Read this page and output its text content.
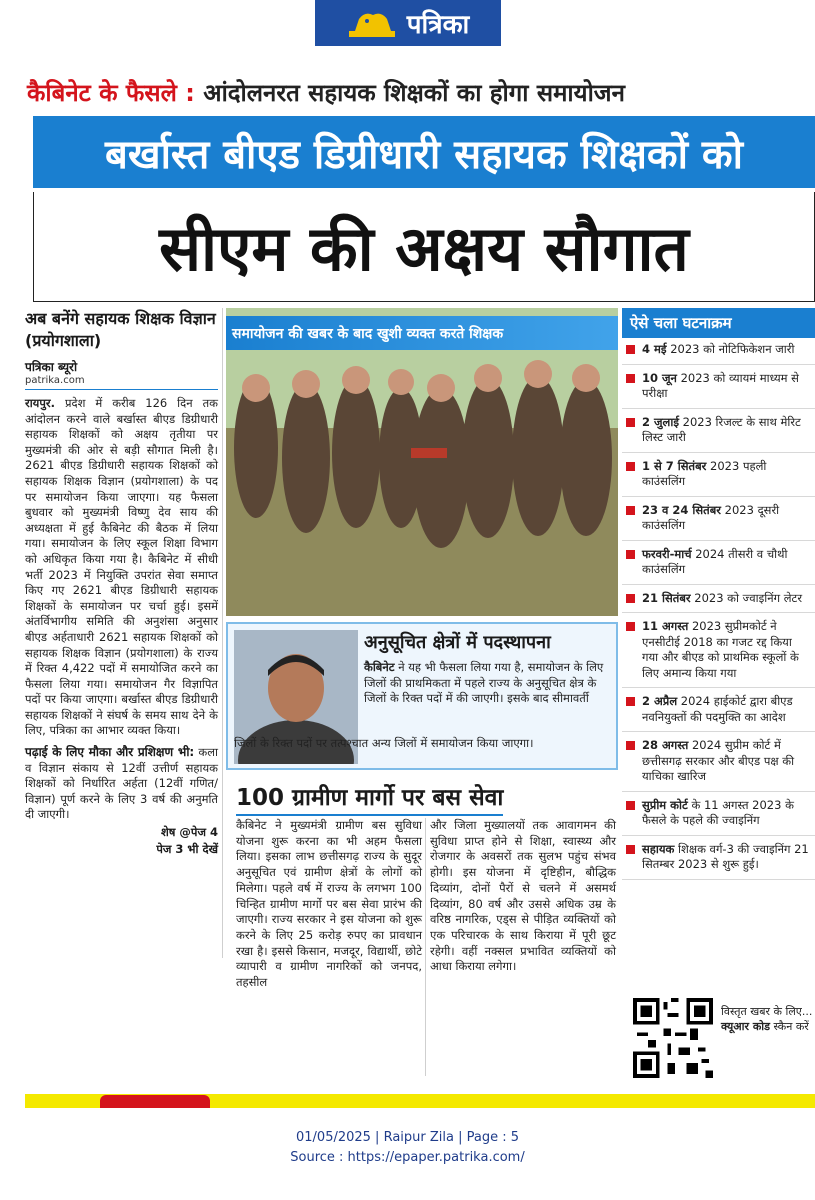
पत्रिका
कैबिनेट के फैसले : आंदोलनरत सहायक शिक्षकों का होगा समायोजन
बर्खास्त बीएड डिग्रीधारी सहायक शिक्षकों को
सीएम की अक्षय सौगात
अब बनेंगे सहायक शिक्षक विज्ञान (प्रयोगशाला)
पत्रिका ब्यूरो
patrika.com

रायपुर. प्रदेश में करीब 126 दिन तक आंदोलन करने वाले बर्खास्त बीएड डिग्रीधारी सहायक शिक्षकों को अक्षय तृतीया पर मुख्यमंत्री की ओर से बड़ी सौगात मिली है। 2621 बीएड डिग्रीधारी सहायक शिक्षकों को सहायक शिक्षक विज्ञान (प्रयोगशाला) के पद पर समायोजन किया जाएगा। यह फैसला बुधवार को मुख्यमंत्री विष्णु देव साय की अध्यक्षता में हुई कैबिनेट की बैठक में लिया गया। समायोजन के लिए स्कूल शिक्षा विभाग को अधिकृत किया गया है। कैबिनेट में सीधी भर्ती 2023 में नियुक्ति उपरांत सेवा समाप्त किए गए 2621 बीएड डिग्रीधारी सहायक शिक्षकों के समायोजन पर चर्चा हुई। इसमें अंतर्विभागीय समिति की अनुशंसा अनुसार बीएड अर्हताधारी 2621 सहायक शिक्षकों को सहायक शिक्षक विज्ञान (प्रयोगशाला) के राज्य में रिक्त 4,422 पदों में समायोजित करने का फैसला लिया गया। समायोजन गैर विज्ञापित पदों पर किया जाएगा। बर्खास्त बीएड डिग्रीधारी सहायक शिक्षकों ने संघर्ष के समय साथ देने के लिए, पत्रिका का आभार व्यक्त किया।

पढ़ाई के लिए मौका और प्रशिक्षण भी: कला व विज्ञान संकाय से 12वीं उत्तीर्ण सहायक शिक्षकों को निर्धारित अर्हता (12वीं गणित/विज्ञान) पूर्ण करने के लिए 3 वर्ष की अनुमति दी जाएगी।

शेष @पेज 4
पेज 3 भी देखें
समायोजन की खबर के बाद खुशी व्यक्त करते शिक्षक
अनुसूचित क्षेत्रों में पदस्थापना
कैबिनेट ने यह भी फैसला लिया गया है, समायोजन के लिए जिलों की प्राथमिकता में पहले राज्य के अनुसूचित क्षेत्र के जिलों के रिक्त पदों में की जाएगी। इसके बाद सीमावर्ती
जिलों के रिक्त पदों पर तत्पश्चात अन्य जिलों में समायोजन किया जाएगा।
100 ग्रामीण मार्गो पर बस सेवा
कैबिनेट ने मुख्यमंत्री ग्रामीण बस सुविधा योजना शुरू करना का भी अहम फैसला लिया। इसका लाभ छत्तीसगढ़ राज्य के सुदूर अनुसूचित एवं ग्रामीण क्षेत्रों के लोगों को मिलेगा। पहले वर्ष में राज्य के लगभग 100 चिन्हित ग्रामीण मार्गो पर बस सेवा प्रारंभ की जाएगी। राज्य सरकार ने इस योजना को शुरू करने के लिए 25 करोड़ रुपए का प्रावधान रखा है। इससे किसान, मजदूर, विद्यार्थी, छोटे व्यापारी व ग्रामीण नागरिकों को जनपद, तहसील
और जिला मुख्यालयों तक आवागमन की सुविधा प्राप्त होने से शिक्षा, स्वास्थ्य और रोजगार के अवसरों तक सुलभ पहुंच संभव होगी। इस योजना में दृष्टिहीन, बौद्धिक दिव्यांग, दोनों पैरों से चलने में असमर्थ दिव्यांग, 80 वर्ष और उससे अधिक उम्र के वरिष्ठ नागरिक, एड्स से पीड़ित व्यक्तियों को एक परिचारक के साथ किराया में पूरी छूट रहेगी। वहीं नक्सल प्रभावित व्यक्तियों को आधा किराया लगेगा।
ऐसे चला घटनाक्रम
4 मई 2023 को नोटिफिकेशन जारी
10 जून 2023 को व्यायमं माध्यम से परीक्षा
2 जुलाई 2023 रिजल्ट के साथ मेरिट लिस्ट जारी
1 से 7 सितंबर 2023 पहली काउंसलिंग
23 व 24 सितंबर 2023 दूसरी काउंसलिंग
फरवरी-मार्च 2024 तीसरी व चौथी काउंसलिंग
21 सितंबर 2023 को ज्वाइनिंग लेटर
11 अगस्त 2023 सुप्रीमकोर्ट ने एनसीटीई 2018 का गजट रद्द किया गया और बीएड को प्राथमिक स्कूलों के लिए अमान्य किया गया
2 अप्रैल 2024 हाईकोर्ट द्वारा बीएड नवनियुक्तों की पदमुक्ति का आदेश
28 अगस्त 2024 सुप्रीम कोर्ट में छत्तीसगढ़ सरकार और बीएड पक्ष की याचिका खारिज
सुप्रीम कोर्ट के 11 अगस्त 2023 के फैसले के पहले की ज्वाइनिंग
सहायक शिक्षक वर्ग-3 की ज्वाइनिंग 21 सितम्बर 2023 से शुरू हुई।
विस्तृत खबर के लिए... क्यूआर कोड स्कैन करें
01/05/2025 | Raipur Zila | Page : 5
Source : https://epaper.patrika.com/
